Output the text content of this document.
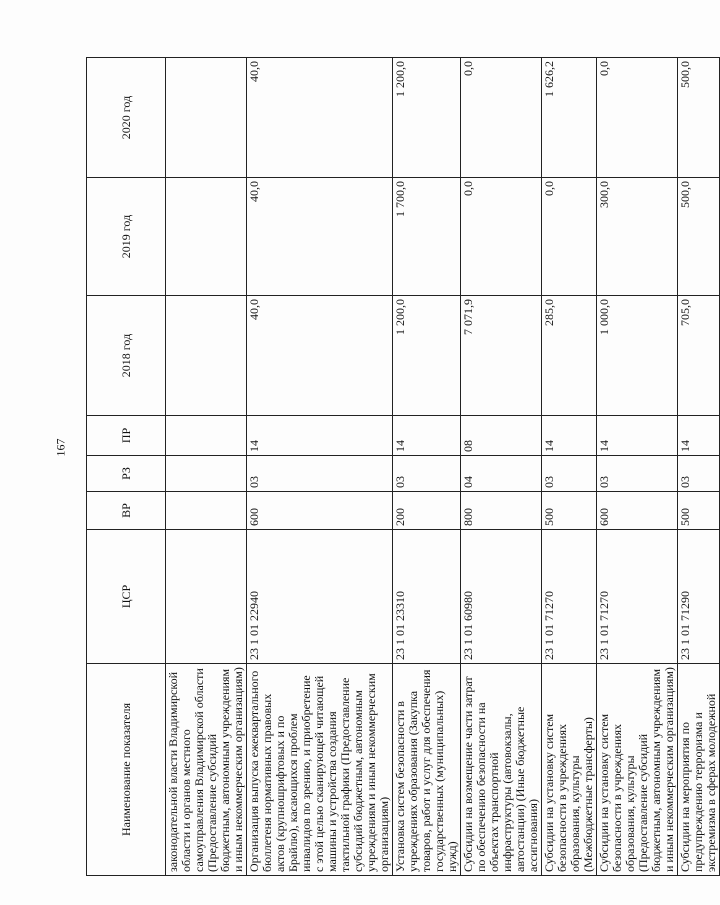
167
Наименование показателя	ЦСР	ВР	РЗ	ПР	2018 год	2019 год	2020 год
законодательной власти Владимирской области и органов местного самоуправления Владимирской области (Предоставление субсидий бюджетным, автономным учреждениям и иным некоммерческим организациям)							
Организация выпуска ежеквартального бюллетеня нормативных правовых актов (крупношрифтовых и по Брайлю), касающихся проблем инвалидов по зрению, и приобретение с этой целью сканирующей читающей машины и устройства создания тактильной графики (Предоставление субсидий бюджетным, автономным учреждениям и иным некоммерческим организациям)	23 1 01 22940	600	03	14	40,0	40,0	40,0
Установка систем безопасности в учреждениях образования (Закупка товаров, работ и услуг для обеспечения государственных (муниципальных) нужд)	23 1 01 23310	200	03	14	1 200,0	1 700,0	1 200,0
Субсидии на возмещение части затрат по обеспечению безопасности на объектах транспортной инфраструктуры (автовокзалы, автостанции) (Иные бюджетные ассигнования)	23 1 01 60980	800	04	08	7 071,9	0,0	0,0
Субсидии на установку систем безопасности в учреждениях образования, культуры (Межбюджетные трансферты)	23 1 01 71270	500	03	14	285,0	0,0	1 626,2
Субсидии на установку систем безопасности в учреждениях образования, культуры (Предоставление субсидий бюджетным, автономным учреждениям и иным некоммерческим организациям)	23 1 01 71270	600	03	14	1 000,0	300,0	0,0
Субсидии на мероприятия по предупреждению терроризма и экстремизма в сферах молодежной	23 1 01 71290	500	03	14	705,0	500,0	500,0
